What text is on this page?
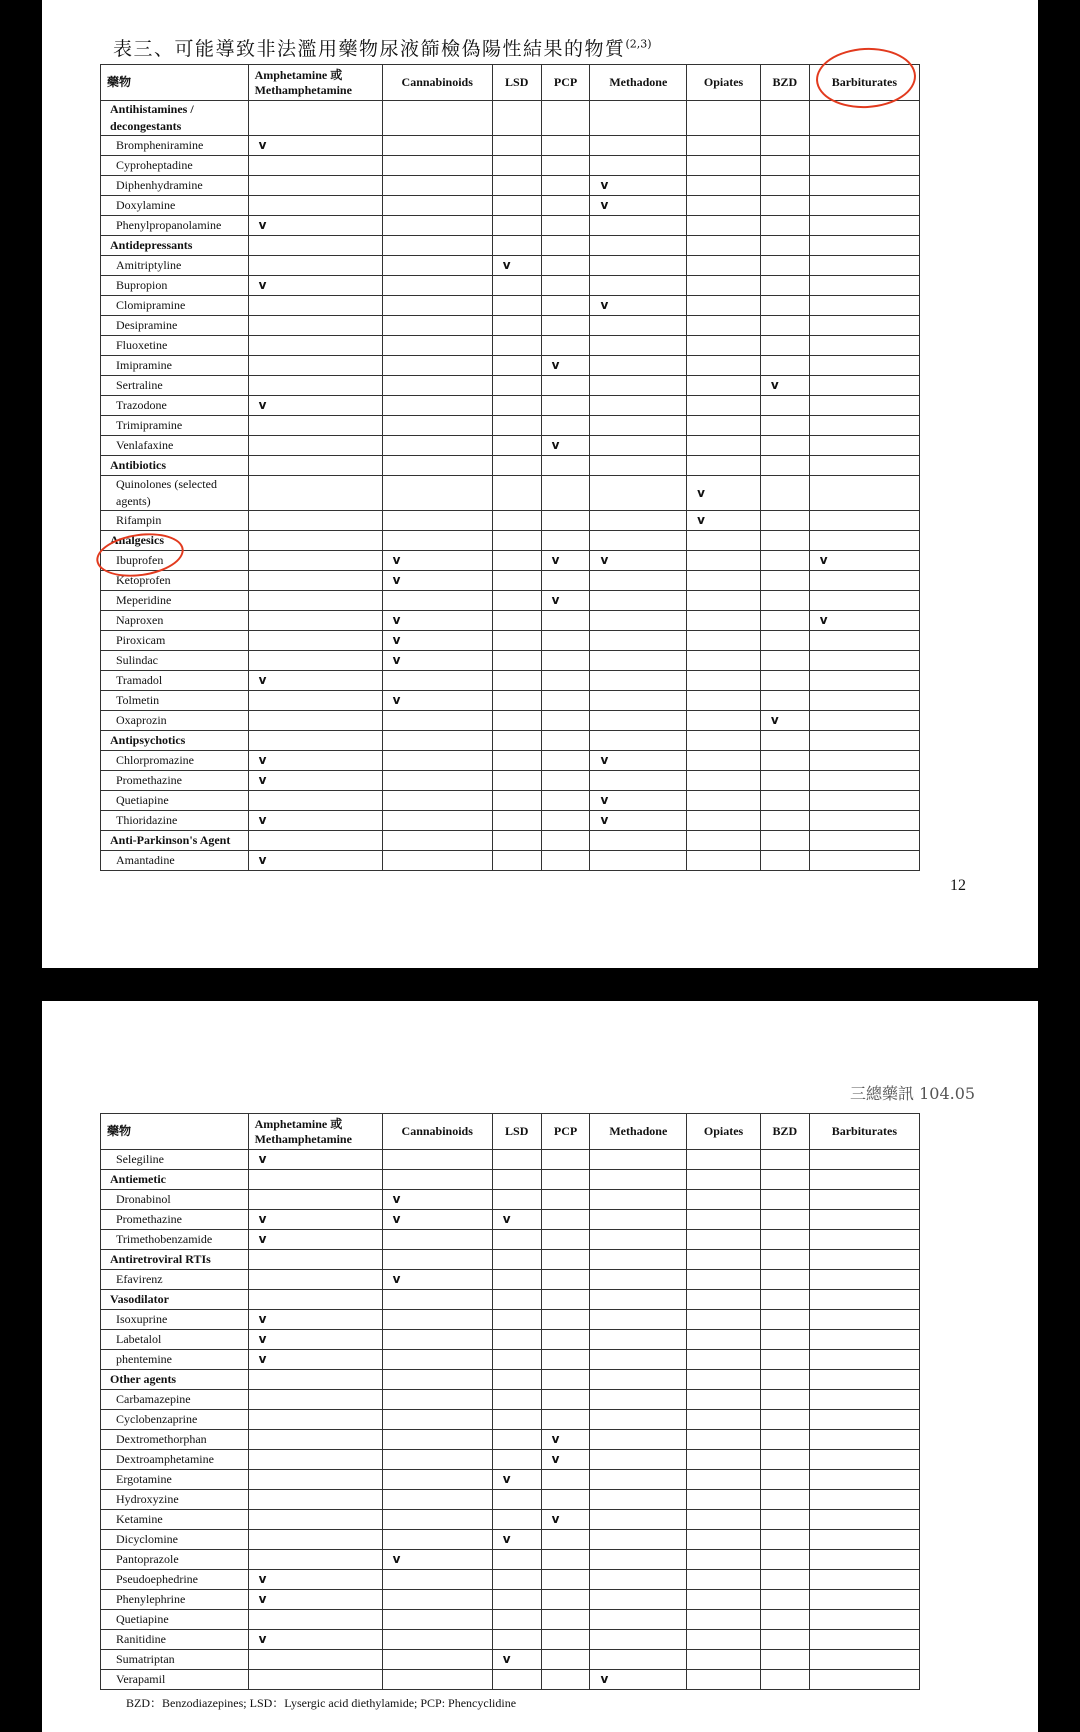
表三、可能導致非法濫用藥物尿液篩檢偽陽性結果的物質$^{(2,3)}$
藥物	Amphetamine 或 Methamphetamine	Cannabinoids	LSD	PCP	Methadone	Opiates	BZD	Barbiturates
Antihistamines / decongestants								
Brompheniramine	v							
Cyproheptadine								
Diphenhydramine					v			
Doxylamine					v			
Phenylpropanolamine	v							
Antidepressants								
Amitriptyline			v					
Bupropion	v							
Clomipramine					v			
Desipramine								
Fluoxetine								
Imipramine				v				
Sertraline							v	
Trazodone	v							
Trimipramine								
Venlafaxine				v				
Antibiotics								
Quinolones (selected agents)						v		
Rifampin						v		
Analgesics								
Ibuprofen		v		v	v			v
Ketoprofen		v						
Meperidine				v				
Naproxen		v						v
Piroxicam		v						
Sulindac		v						
Tramadol	v							
Tolmetin		v						
Oxaprozin							v	
Antipsychotics								
Chlorpromazine	v				v			
Promethazine	v							
Quetiapine					v			
Thioridazine	v				v			
Anti-Parkinson's Agent								
Amantadine	v							
12
三總藥訊 104.05
藥物	Amphetamine 或 Methamphetamine	Cannabinoids	LSD	PCP	Methadone	Opiates	BZD	Barbiturates
Selegiline	v							
Antiemetic								
Dronabinol		v						
Promethazine	v	v	v					
Trimethobenzamide	v							
Antiretroviral RTIs								
Efavirenz		v						
Vasodilator								
Isoxuprine	v							
Labetalol	v							
phentemine	v							
Other agents								
Carbamazepine								
Cyclobenzaprine								
Dextromethorphan				v				
Dextroamphetamine				v				
Ergotamine			v					
Hydroxyzine								
Ketamine				v				
Dicyclomine			v					
Pantoprazole		v						
Pseudoephedrine	v							
Phenylephrine	v							
Quetiapine								
Ranitidine	v							
Sumatriptan			v					
Verapamil					v			
BZD：Benzodiazepines; LSD：Lysergic acid diethylamide; PCP: Phencyclidine
